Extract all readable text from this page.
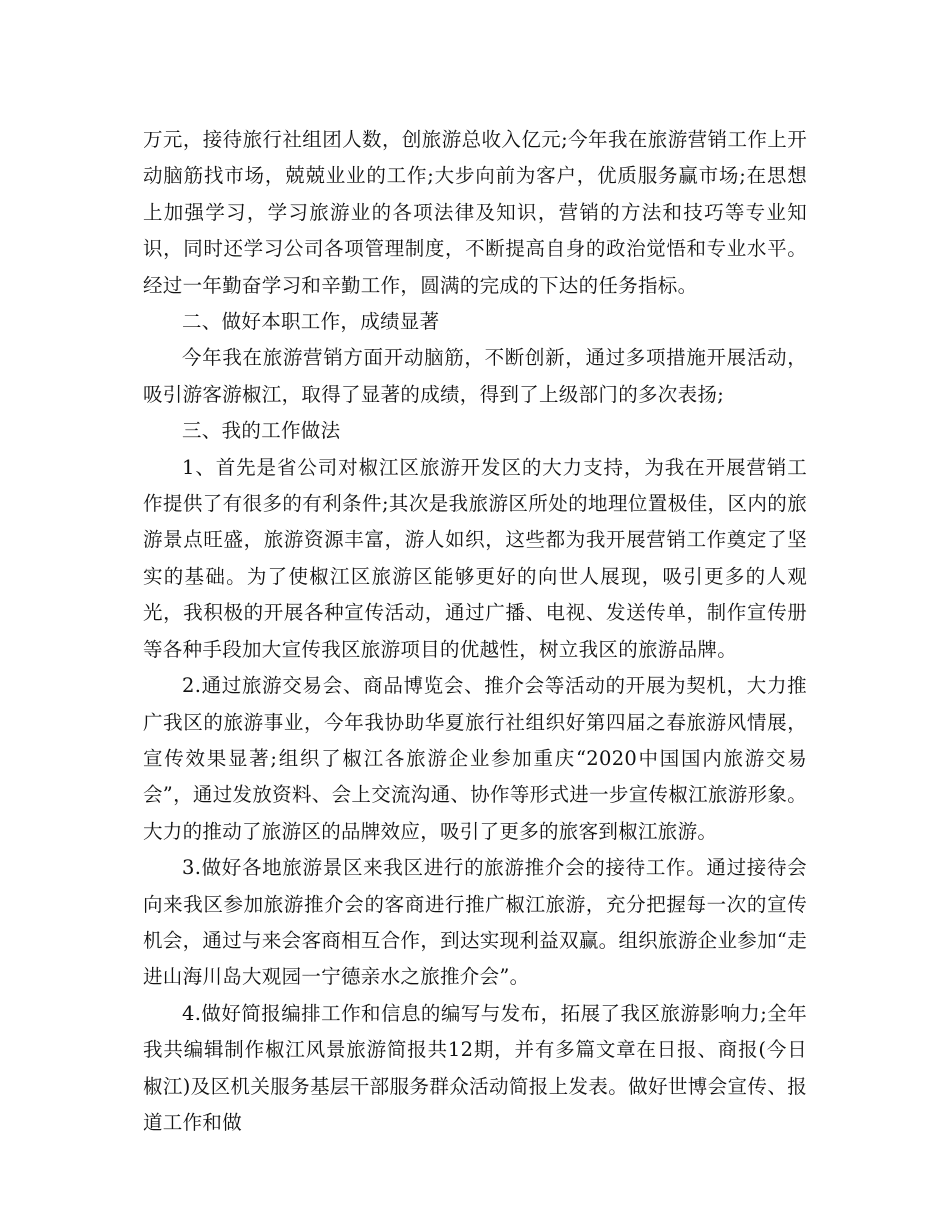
万元，接待旅行社组团人数，创旅游总收入亿元;今年我在旅游营销工作上开动脑筋找市场，兢兢业业的工作;大步向前为客户，优质服务赢市场;在思想上加强学习，学习旅游业的各项法律及知识，营销的方法和技巧等专业知识，同时还学习公司各项管理制度，不断提高自身的政治觉悟和专业水平。经过一年勤奋学习和辛勤工作，圆满的完成的下达的任务指标。

二、做好本职工作，成绩显著

今年我在旅游营销方面开动脑筋，不断创新，通过多项措施开展活动，吸引游客游椒江，取得了显著的成绩，得到了上级部门的多次表扬;

三、我的工作做法

1、首先是省公司对椒江区旅游开发区的大力支持，为我在开展营销工作提供了有很多的有利条件;其次是我旅游区所处的地理位置极佳，区内的旅游景点旺盛，旅游资源丰富，游人如织，这些都为我开展营销工作奠定了坚实的基础。为了使椒江区旅游区能够更好的向世人展现，吸引更多的人观光，我积极的开展各种宣传活动，通过广播、电视、发送传单，制作宣传册等各种手段加大宣传我区旅游项目的优越性，树立我区的旅游品牌。

2.通过旅游交易会、商品博览会、推介会等活动的开展为契机，大力推广我区的旅游事业，今年我协助华夏旅行社组织好第四届之春旅游风情展，宣传效果显著;组织了椒江各旅游企业参加重庆“2020中国国内旅游交易会”，通过发放资料、会上交流沟通、协作等形式进一步宣传椒江旅游形象。大力的推动了旅游区的品牌效应，吸引了更多的旅客到椒江旅游。

3.做好各地旅游景区来我区进行的旅游推介会的接待工作。通过接待会向来我区参加旅游推介会的客商进行推广椒江旅游，充分把握每一次的宣传机会，通过与来会客商相互合作，到达实现利益双赢。组织旅游企业参加“走进山海川岛大观园一宁德亲水之旅推介会”。

4.做好简报编排工作和信息的编写与发布，拓展了我区旅游影响力;全年我共编辑制作椒江风景旅游简报共12期，并有多篇文章在日报、商报(今日椒江)及区机关服务基层干部服务群众活动简报上发表。做好世博会宣传、报道工作和做
